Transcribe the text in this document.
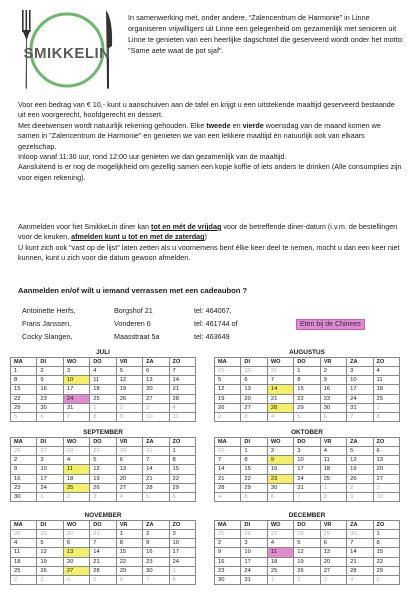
SMIKKELIN
In samenwerking met, onder andere, “Zalencentrum de Harmonie” in Linne organiseren vrijwilligers uit Linne een gelegenheid om gezamenlijk met senioren uit Linne te genieten van een heerlijke dagschotel die geserveerd wordt onder het motto: "Same aete waat de pot sjaf".

Voor een bedrag van € 10,- kunt u aanschuiven aan de tafel en krijgt u een uitstekende maaltijd geserveerd bestaande uit een voorgerecht, hoofdgerecht en dessert.

Met dieetwensen wordt natuurlijk rekening gehouden. Elke tweede en vierde woensdag van de maand komen we samen in "Zalencentrum de Harmonie" en genieten we van een lekkere maaltijd én natuurlijk ook van elkaars gezelschap.

Inloop vanaf 11:30 uur, rond 12:00 uur genieten we dan gezamenlijk van de maaltijd.

Aansluitend is er nog de mogelijkheid om gezellig samen een kopje koffie of iets anders te drinken (Alle consumpties zijn voor eigen rekening).

Aanmelden voor het SmikkeLin diner kan tot en mét de vrijdag voor de betreffende diner-datum (i.v.m. de bestellingen voor de keuken, afmelden kunt u tot en met de zaterdag)

U kunt zich ook "vast op de lijst" laten zetten als u voornemens bent élke keer deel te nemen, mocht u dan een keer niet kunnen, kunt u zich voor die datum gewoon afmelden.

Aanmelden en/of wilt u iemand verrassen met een cadeaubon ?
Antoinette Herfs,	Borgshof 21	tel: 464067,
Frans Janssen,	Vonderen 6	tel: 461744 of
Cocky Slangen,	Maasstraat 5a	tel: 463649
Eten bij de Chinees
JULI
MA	DI	WO	DO	VR	ZA	ZO
1	2	3	4	5	6	7
8	9	10	11	12	13	14
15	16	17	18	19	20	21
22	23	24	25	26	27	28
29	30	31	1	2	3	4
5	6	7	8	9	10	11
AUGUSTUS
MA	DI	WO	DO	VR	ZA	ZO
29	30	31	1	2	3	4
5	6	7	8	9	10	11
12	13	14	15	16	17	18
19	20	21	22	23	24	25
26	27	28	29	30	31	1
2	3	4	5	6	7	8
SEPTEMBER
MA	DI	WO	DO	VR	ZA	ZO
26	27	28	29	30	31	1
2	3	4	5	6	7	8
9	10	11	12	13	14	15
16	17	18	19	20	21	22
23	24	25	26	27	28	29
30	1	2	3	4	5	6
OKTOBER
MA	DI	WO	DO	VR	ZA	ZO
30	1	2	3	4	5	6
7	8	9	10	11	12	13
14	15	16	17	18	19	20
21	22	23	24	25	26	27
28	29	30	31	1	2	3
4	5	6	7	8	9	10
NOVEMBER
MA	DI	WO	DO	VR	ZA	ZO
28	29	30	31	1	2	3
4	5	6	7	8	9	10
11	12	13	14	15	16	17
18	19	20	21	22	23	24
25	26	27	28	29	30	1
2	3	4	5	6	7	8
DECEMBER
MA	DI	WO	DO	VR	ZA	ZO
25	26	27	28	29	30	1
2	3	4	5	6	7	8
9	10	11	12	13	14	15
16	17	18	19	20	21	22
23	24	25	26	27	28	29
30	31	1	2	3	4	5
